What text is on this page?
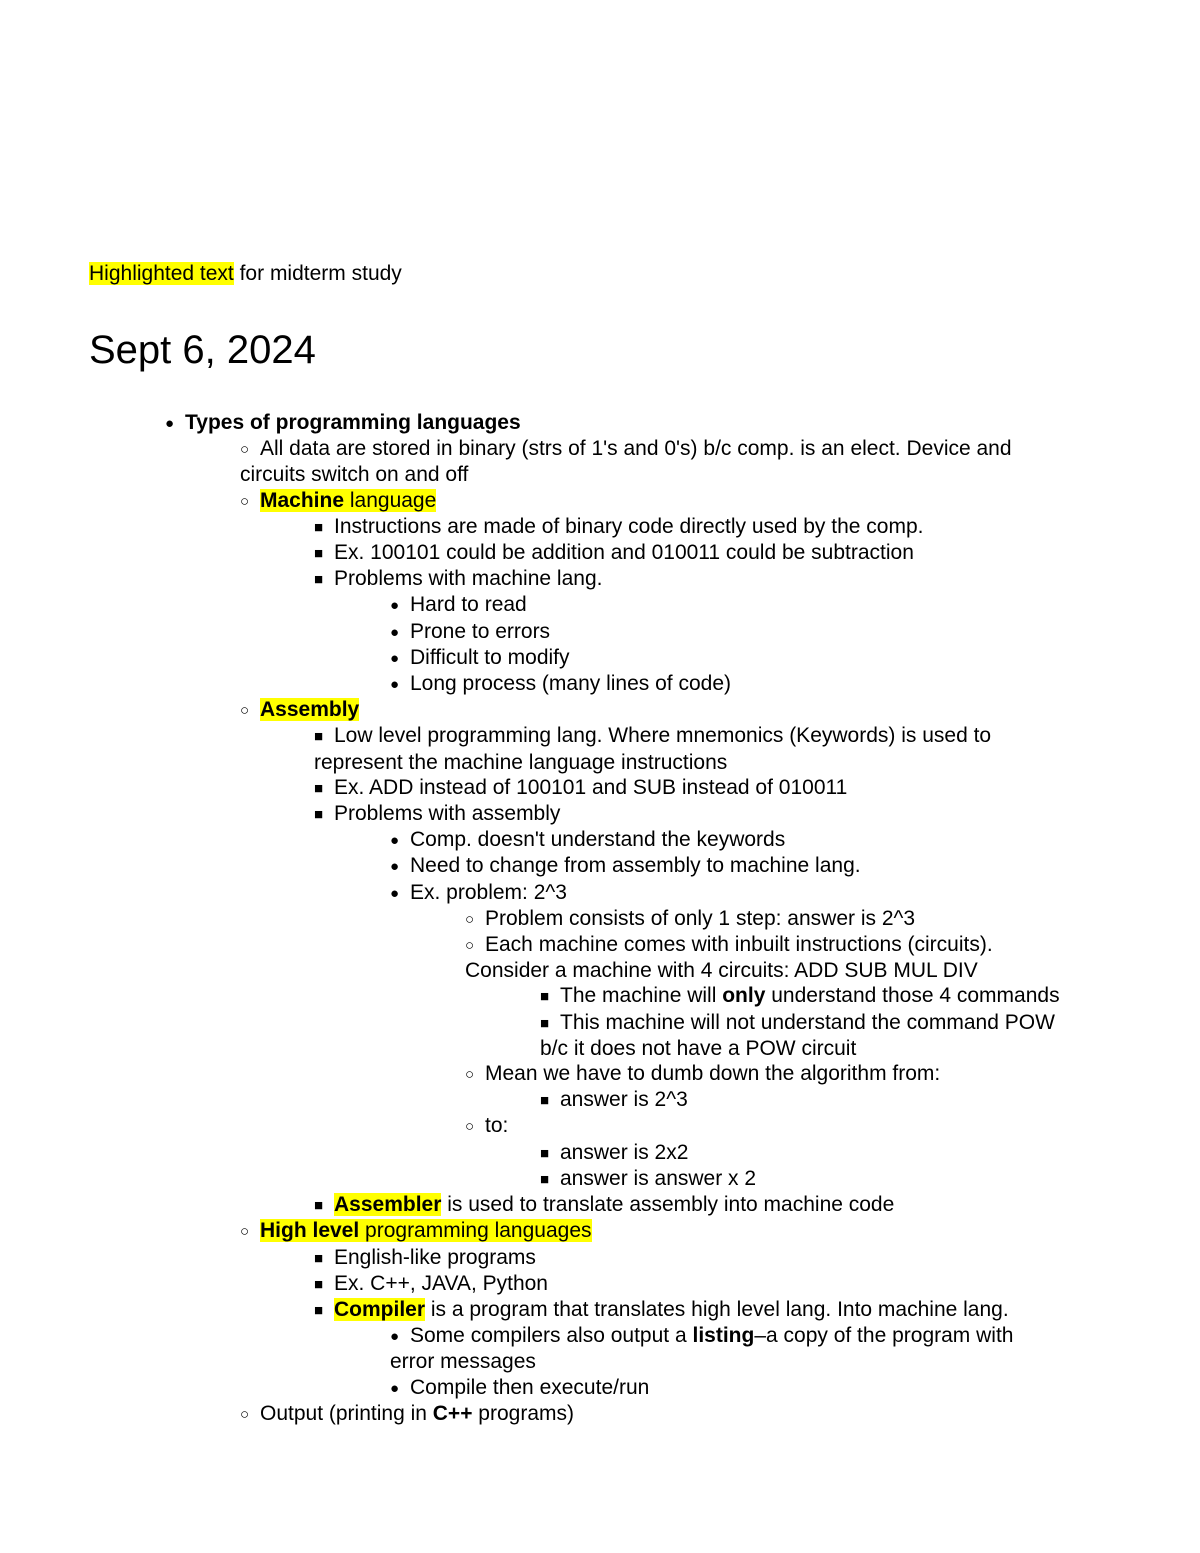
Highlighted text for midterm study
Sept 6, 2024
● Types of programming languages
○ All data are stored in binary (strs of 1's and 0's) b/c comp. is an elect. Device and
circuits switch on and off
○ Machine language
■ Instructions are made of binary code directly used by the comp.
■ Ex. 100101 could be addition and 010011 could be subtraction
■ Problems with machine lang.
● Hard to read
● Prone to errors
● Difficult to modify
● Long process (many lines of code)
○ Assembly
■ Low level programming lang. Where mnemonics (Keywords) is used to
represent the machine language instructions
■ Ex. ADD instead of 100101 and SUB instead of 010011
■ Problems with assembly
● Comp. doesn't understand the keywords
● Need to change from assembly to machine lang.
● Ex. problem: 2^3
○ Problem consists of only 1 step: answer is 2^3
○ Each machine comes with inbuilt instructions (circuits).
Consider a machine with 4 circuits: ADD SUB MUL DIV
■ The machine will only understand those 4 commands
■ This machine will not understand the command POW
b/c it does not have a POW circuit
○ Mean we have to dumb down the algorithm from:
■ answer is 2^3
○ to:
■ answer is 2x2
■ answer is answer x 2
■ Assembler is used to translate assembly into machine code
○ High level programming languages
■ English-like programs
■ Ex. C++, JAVA, Python
■ Compiler is a program that translates high level lang. Into machine lang.
● Some compilers also output a listing–a copy of the program with
error messages
● Compile then execute/run
○ Output (printing in C++ programs)
